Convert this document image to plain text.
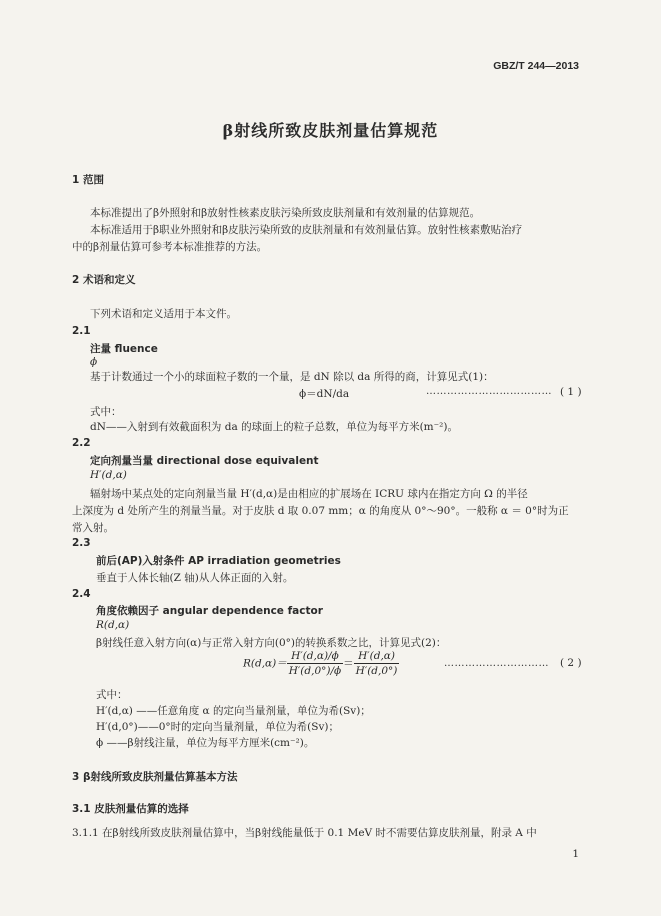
GBZ/T 244—2013
β射线所致皮肤剂量估算规范
1 范围
本标准提出了β外照射和β放射性核素皮肤污染所致皮肤剂量和有效剂量的估算规范。
本标准适用于β职业外照射和β皮肤污染所致的皮肤剂量和有效剂量估算。放射性核素敷贴治疗
中的β剂量估算可参考本标准推荐的方法。
2 术语和定义
下列术语和定义适用于本文件。
2.1
注量 fluence
ϕ
基于计数通过一个小的球面粒子数的一个量，是 dN 除以 da 所得的商，计算见式(1)：
ϕ＝dN/da	……………………………… ( 1 )
式中：
dN——入射到有效截面积为 da 的球面上的粒子总数，单位为每平方米(m⁻²)。
2.2
定向剂量当量 directional dose equivalent
H′(d,α)
辐射场中某点处的定向剂量当量 H′(d,α)是由相应的扩展场在 ICRU 球内在指定方向 Ω 的半径
上深度为 d 处所产生的剂量当量。对于皮肤 d 取 0.07 mm；α 的角度从 0°～90°。一般称 α ＝ 0°时为正
常入射。
2.3
前后(AP)入射条件 AP irradiation geometries
垂直于人体长轴(Z 轴)从人体正面的入射。
2.4
角度依赖因子 angular dependence factor
R(d,α)
β射线任意入射方向(α)与正常入射方向(0°)的转换系数之比，计算见式(2)：
$R(d,\alpha)= \frac{H'(d,\alpha)/\phi}{H'(d,0^\circ)/\phi} = \frac{H'(d,\alpha)}{H'(d,0^\circ)}$	………………………… ( 2 )
式中：
H′(d,α) ——任意角度 α 的定向当量剂量，单位为希(Sv)；
H′(d,0°)——0°时的定向当量剂量，单位为希(Sv)；
ϕ ——β射线注量，单位为每平方厘米(cm⁻²)。
3 β射线所致皮肤剂量估算基本方法
3.1 皮肤剂量估算的选择
3.1.1 在β射线所致皮肤剂量估算中，当β射线能量低于 0.1 MeV 时不需要估算皮肤剂量，附录 A 中
1
